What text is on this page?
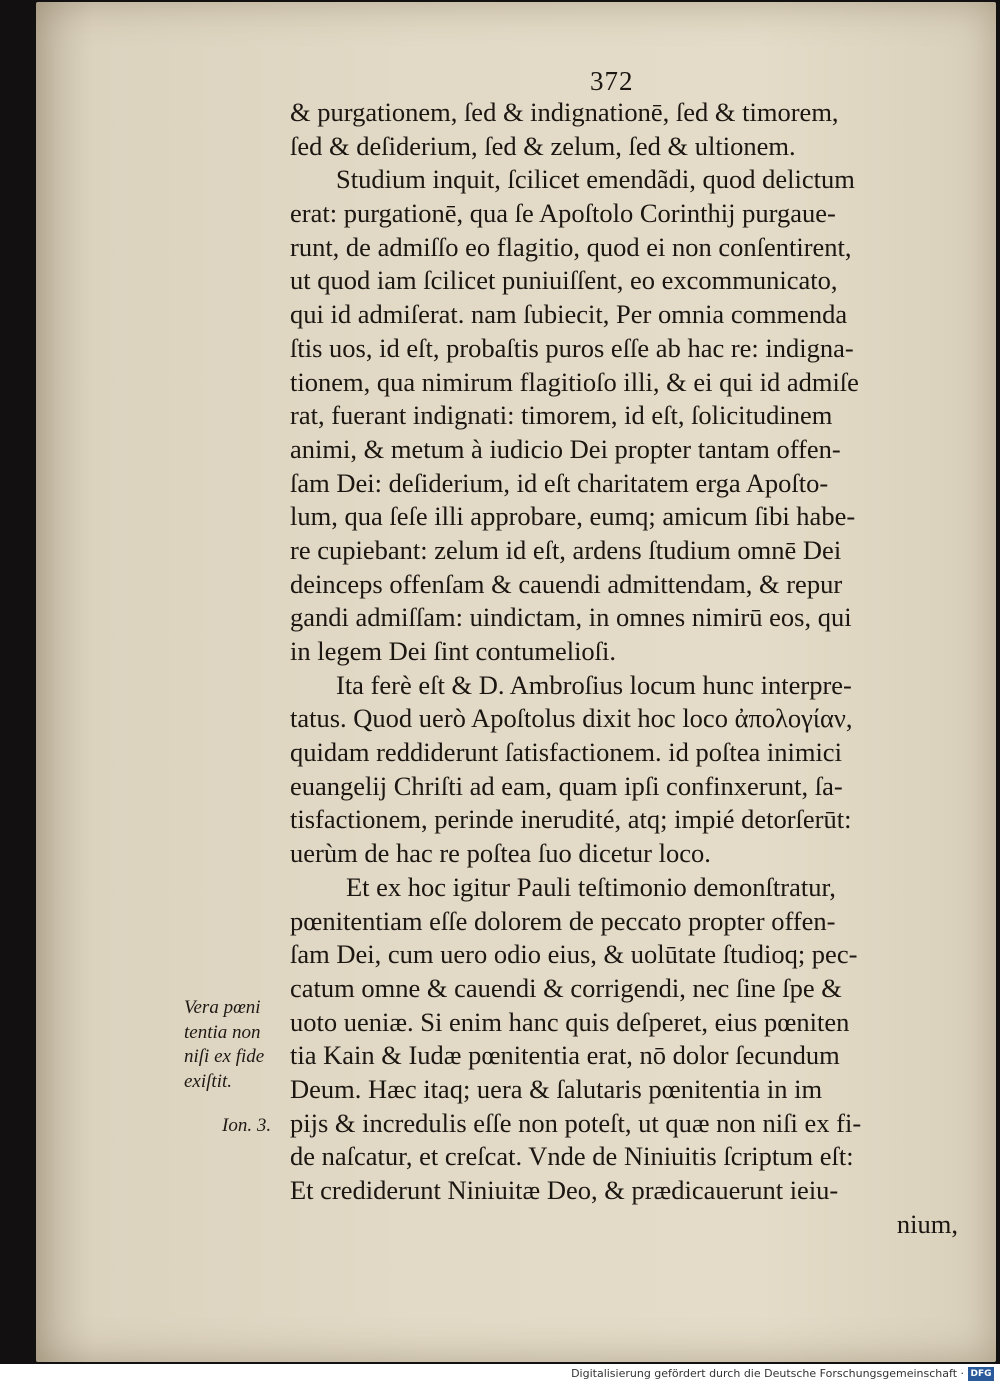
372
& purgationem, ſed & indignationē, ſed & timorem,
ſed & deſiderium, ſed & zelum, ſed & ultionem.
Studium inquit, ſcilicet emendãdi, quod delictum
erat: purgationē, qua ſe Apoſtolo Corinthij purgaue-
runt, de admiſſo eo flagitio, quod ei non conſentirent,
ut quod iam ſcilicet puniuiſſent, eo excommunicato,
qui id admiſerat. nam ſubiecit, Per omnia commenda
ſtis uos, id eſt, probaſtis puros eſſe ab hac re: indigna-
tionem, qua nimirum flagitioſo illi, & ei qui id admiſe
rat, fuerant indignati: timorem, id eſt, ſolicitudinem
animi, & metum à iudicio Dei propter tantam offen-
ſam Dei: deſiderium, id eſt charitatem erga Apoſto-
lum, qua ſeſe illi approbare, eumq; amicum ſibi habe-
re cupiebant: zelum id eſt, ardens ſtudium omnē Dei
deinceps offenſam & cauendi admittendam, & repur
gandi admiſſam: uindictam, in omnes nimirū eos, qui
in legem Dei ſint contumelioſi.
Ita ferè eſt & D. Ambroſius locum hunc interpre-
tatus. Quod uerò Apoſtolus dixit hoc loco ἀπολογίαν,
quidam reddiderunt ſatisfactionem. id poſtea inimici
euangelij Chriſti ad eam, quam ipſi confinxerunt, ſa-
tisfactionem, perinde inerudité, atq; impié detorſerūt:
uerùm de hac re poſtea ſuo dicetur loco.
Et ex hoc igitur Pauli teſtimonio demonſtratur,
pœnitentiam eſſe dolorem de peccato propter offen-
ſam Dei, cum uero odio eius, & uolūtate ſtudioq; pec-
catum omne & cauendi & corrigendi, nec ſine ſpe &
uoto ueniæ. Si enim hanc quis deſperet, eius pœniten
tia Kain & Iudæ pœnitentia erat, nō dolor ſecundum
Deum. Hæc itaq; uera & ſalutaris pœnitentia in im
pijs & incredulis eſſe non poteſt, ut quæ non niſi ex fi-
de naſcatur, et creſcat. Vnde de Niniuitis ſcriptum eſt:
Et crediderunt Niniuitæ Deo, & prædicauerunt ieiu-
nium,
Vera pœni
tentia non
niſi ex fide
exiſtit.
Ion. 3.
Digitalisierung gefördert durch die Deutsche Forschungsgemeinschaft · DFG
